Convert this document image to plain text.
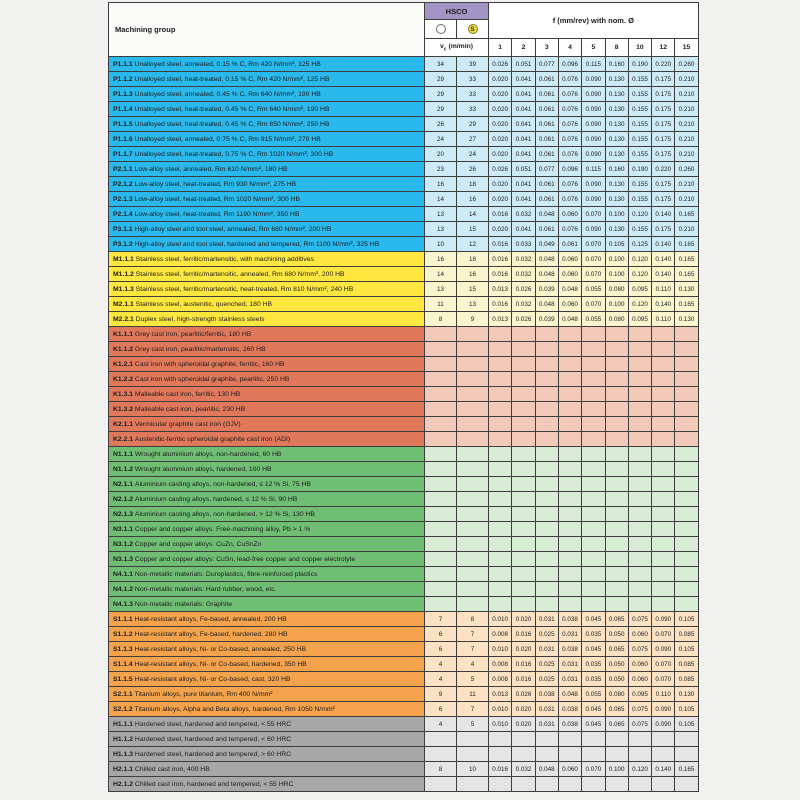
Machining group	HSCO		f (mm/rev) with nom. Ø								
		S									
	$v_c$ (m/min)		1	2	3	4	5	8	10	12	15
P1.1.1 Unalloyed steel, annealed, 0.15 % C, Rm 420 N/mm², 125 HB	34	39	0.026	0.051	0.077	0.096	0.115	0.160	0.190	0.220	0.260
P1.1.2 Unalloyed steel, heat-treated, 0.15 % C, Rm 420 N/mm², 125 HB	29	33	0.020	0.041	0.061	0.076	0.090	0.130	0.155	0.175	0.210
P1.1.3 Unalloyed steel, annealed, 0.45 % C, Rm 640 N/mm², 190 HB	29	33	0.020	0.041	0.061	0.076	0.090	0.130	0.155	0.175	0.210
P1.1.4 Unalloyed steel, heat-treated, 0.45 % C, Rm 640 N/mm², 190 HB	29	33	0.020	0.041	0.061	0.076	0.090	0.130	0.155	0.175	0.210
P1.1.5 Unalloyed steel, heat-treated, 0.45 % C, Rm 850 N/mm², 250 HB	26	29	0.020	0.041	0.061	0.076	0.090	0.130	0.155	0.175	0.210
P1.1.6 Unalloyed steel, annealed, 0.75 % C, Rm 915 N/mm², 270 HB	24	27	0.020	0.041	0.061	0.076	0.090	0.130	0.155	0.175	0.210
P1.1.7 Unalloyed steel, heat-treated, 0.75 % C, Rm 1020 N/mm², 300 HB	20	24	0.020	0.041	0.061	0.076	0.090	0.130	0.155	0.175	0.210
P2.1.1 Low-alloy steel, annealed, Rm 610 N/mm², 180 HB	23	26	0.026	0.051	0.077	0.096	0.115	0.160	0.190	0.220	0.260
P2.1.2 Low-alloy steel, heat-treated, Rm 930 N/mm², 275 HB	16	18	0.020	0.041	0.061	0.076	0.090	0.130	0.155	0.175	0.210
P2.1.3 Low-alloy steel, heat-treated, Rm 1020 N/mm², 300 HB	14	16	0.020	0.041	0.061	0.076	0.090	0.130	0.155	0.175	0.210
P2.1.4 Low-alloy steel, heat-treated, Rm 1190 N/mm², 350 HB	13	14	0.016	0.032	0.048	0.060	0.070	0.100	0.120	0.140	0.165
P3.1.1 High-alloy steel and tool steel, annealed, Rm 680 N/mm², 200 HB	13	15	0.020	0.041	0.061	0.076	0.090	0.130	0.155	0.175	0.210
P3.1.2 High-alloy steel and tool steel, hardened and tempered, Rm 1100 N/mm², 325 HB	10	12	0.016	0.033	0.049	0.061	0.070	0.105	0.125	0.140	0.165
M1.1.1 Stainless steel, ferritic/martensitic, with machining additives	16	18	0.016	0.032	0.048	0.060	0.070	0.100	0.120	0.140	0.165
M1.1.2 Stainless steel, ferritic/martensitic, annealed, Rm 680 N/mm², 200 HB	14	16	0.016	0.032	0.048	0.060	0.070	0.100	0.120	0.140	0.165
M1.1.3 Stainless steel, ferritic/martensitic, heat-treated, Rm 810 N/mm², 240 HB	13	15	0.013	0.026	0.039	0.048	0.055	0.080	0.095	0.110	0.130
M2.1.1 Stainless steel, austenitic, quenched, 180 HB	11	13	0.016	0.032	0.048	0.060	0.070	0.100	0.120	0.140	0.165
M2.2.1 Duplex steel, high-strength stainless steels	8	9	0.013	0.026	0.039	0.048	0.055	0.080	0.095	0.110	0.130
K1.1.1 Grey cast iron, pearlitic/ferritic, 180 HB											
K1.1.2 Grey cast iron, pearlitic/martensitic, 260 HB											
K1.2.1 Cast iron with spheroidal graphite, ferritic, 160 HB											
K1.2.2 Cast iron with spheroidal graphite, pearlitic, 250 HB											
K1.3.1 Malleable cast iron, ferritic, 130 HB											
K1.3.2 Malleable cast iron, pearlitic, 230 HB											
K2.1.1 Vermicular graphite cast iron (GJV)											
K2.2.1 Austenitic-ferritic spheroidal graphite cast iron (ADI)											
N1.1.1 Wrought aluminium alloys, non-hardened, 60 HB											
N1.1.2 Wrought aluminium alloys, hardened, 100 HB											
N2.1.1 Aluminium casting alloys, non-hardened, ≤ 12 % Si, 75 HB											
N2.1.2 Aluminium casting alloys, hardened, ≤ 12 % Si, 90 HB											
N2.1.3 Aluminium casting alloys, non-hardened, > 12 % Si, 130 HB											
N3.1.1 Copper and copper alloys. Free-machining alloy, Pb > 1 %											
N3.1.2 Copper and copper alloys: CuZn, CuSnZn											
N3.1.3 Copper and copper alloys: CuSn, lead-free copper and copper electrolyte											
N4.1.1 Non-metallic materials: Duroplastics, fibre-reinforced plastics											
N4.1.2 Non-metallic materials: Hard rubber, wood, etc.											
N4.1.3 Non-metallic materials: Graphite											
S1.1.1 Heat-resistant alloys, Fe-based, annealed, 200 HB	7	8	0.010	0.020	0.031	0.038	0.045	0.065	0.075	0.090	0.105
S1.1.2 Heat-resistant alloys, Fe-based, hardened, 280 HB	6	7	0.008	0.016	0.025	0.031	0.035	0.050	0.060	0.070	0.085
S1.1.3 Heat-resistant alloys, Ni- or Co-based, annealed, 250 HB	6	7	0.010	0.020	0.031	0.038	0.045	0.065	0.075	0.090	0.105
S1.1.4 Heat-resistant alloys, Ni- or Co-based, hardened, 350 HB	4	4	0.008	0.016	0.025	0.031	0.035	0.050	0.060	0.070	0.085
S1.1.5 Heat-resistant alloys, Ni- or Co-based, cast, 320 HB	4	5	0.008	0.016	0.025	0.031	0.035	0.050	0.060	0.070	0.085
S2.1.1 Titanium alloys, pure titanium, Rm 400 N/mm²	9	11	0.013	0.026	0.038	0.048	0.055	0.080	0.095	0.110	0.130
S2.1.2 Titanium alloys, Alpha and Beta alloys, hardened, Rm 1050 N/mm²	6	7	0.010	0.020	0.031	0.038	0.045	0.065	0.075	0.090	0.105
H1.1.1 Hardened steel, hardened and tempered, < 55 HRC	4	5	0.010	0.020	0.031	0.038	0.045	0.065	0.075	0.090	0.105
H1.1.2 Hardened steel, hardened and tempered, < 60 HRC											
H1.1.3 Hardened steel, hardened and tempered, > 60 HRC											
H2.1.1 Chilled cast iron, 400 HB	8	10	0.016	0.032	0.048	0.060	0.070	0.100	0.120	0.140	0.165
H2.1.2 Chilled cast iron, hardened and tempered, < 55 HRC											
